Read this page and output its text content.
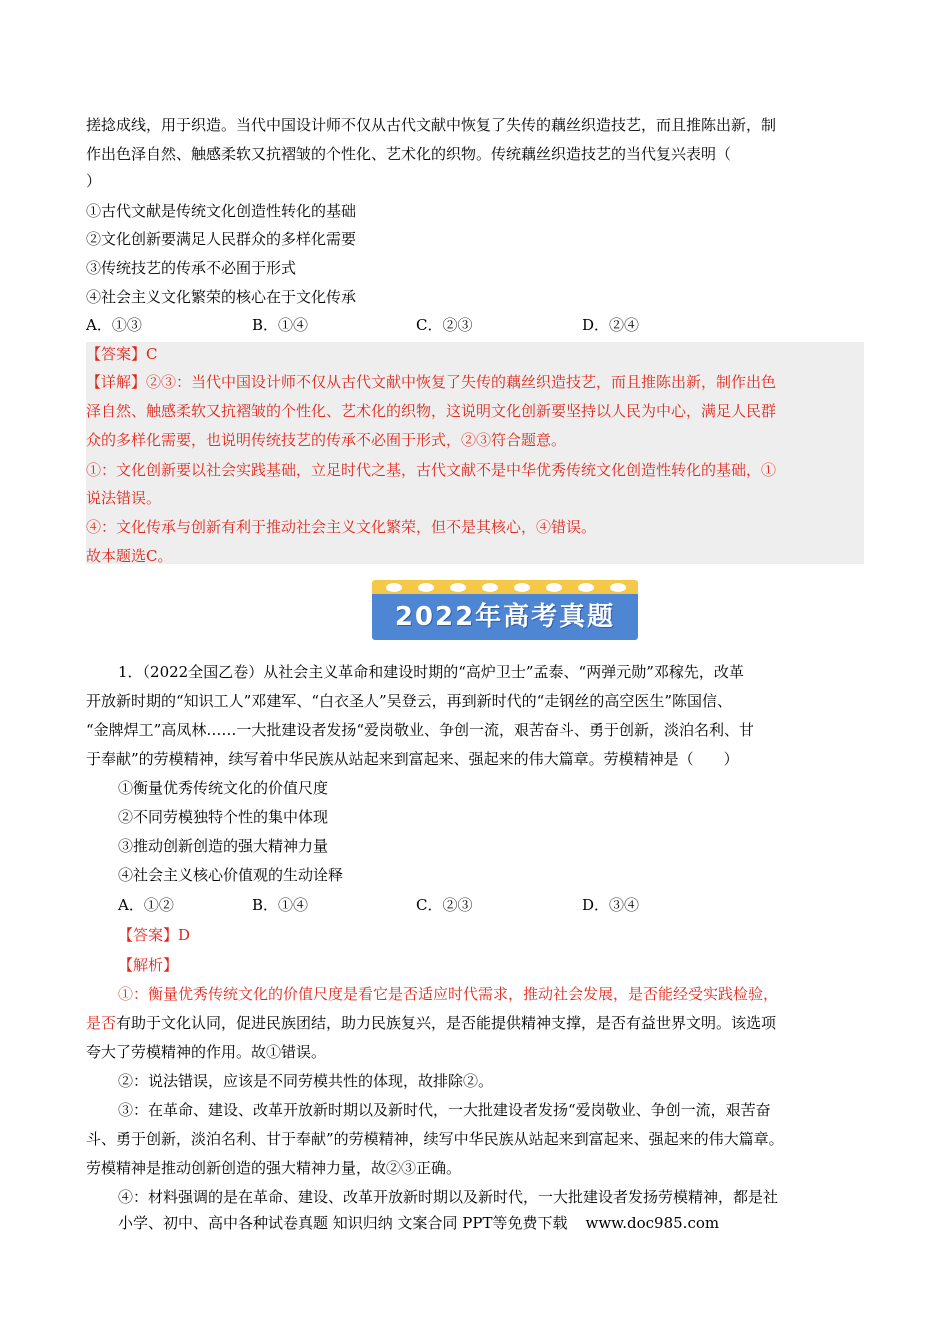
搓捻成线，用于织造。当代中国设计师不仅从古代文献中恢复了失传的藕丝织造技艺，而且推陈出新，制
作出色泽自然、触感柔软又抗褶皱的个性化、艺术化的织物。传统藕丝织造技艺的当代复兴表明（
）
①古代文献是传统文化创造性转化的基础
②文化创新要满足人民群众的多样化需要
③传统技艺的传承不必囿于形式
④社会主义文化繁荣的核心在于文化传承
A．①③	B．①④	C．②③	D．②④
【答案】C
【详解】②③：当代中国设计师不仅从古代文献中恢复了失传的藕丝织造技艺，而且推陈出新，制作出色
泽自然、触感柔软又抗褶皱的个性化、艺术化的织物，这说明文化创新要坚持以人民为中心，满足人民群
众的多样化需要，也说明传统技艺的传承不必囿于形式，②③符合题意。
①：文化创新要以社会实践基础，立足时代之基，古代文献不是中华优秀传统文化创造性转化的基础，①
说法错误。
④：文化传承与创新有利于推动社会主义文化繁荣，但不是其核心，④错误。
故本题选C。
2022年高考真题
1．（2022全国乙卷）从社会主义革命和建设时期的“高炉卫士”孟泰、“两弹元勋”邓稼先，改革
开放新时期的“知识工人”邓建军、“白衣圣人”吴登云，再到新时代的“走钢丝的高空医生”陈国信、
“金牌焊工”高凤林……一大批建设者发扬“爱岗敬业、争创一流，艰苦奋斗、勇于创新，淡泊名利、甘
于奉献”的劳模精神，续写着中华民族从站起来到富起来、强起来的伟大篇章。劳模精神是（　　）
①衡量优秀传统文化的价值尺度
②不同劳模独特个性的集中体现
③推动创新创造的强大精神力量
④社会主义核心价值观的生动诠释
A．①②	B．①④	C．②③	D．③④
【答案】D
【解析】
①：衡量优秀传统文化的价值尺度是看它是否适应时代需求，推动社会发展，是否能经受实践检验，
是否有助于文化认同，促进民族团结，助力民族复兴，是否能提供精神支撑，是否有益世界文明。该选项
夸大了劳模精神的作用。故①错误。
②：说法错误，应该是不同劳模共性的体现，故排除②。
③：在革命、建设、改革开放新时期以及新时代，一大批建设者发扬“爱岗敬业、争创一流，艰苦奋
斗、勇于创新，淡泊名利、甘于奉献”的劳模精神，续写中华民族从站起来到富起来、强起来的伟大篇章。
劳模精神是推动创新创造的强大精神力量，故②③正确。
④：材料强调的是在革命、建设、改革开放新时期以及新时代，一大批建设者发扬劳模精神，都是社
小学、初中、高中各种试卷真题 知识归纳 文案合同 PPT等免费下载 www.doc985.com
